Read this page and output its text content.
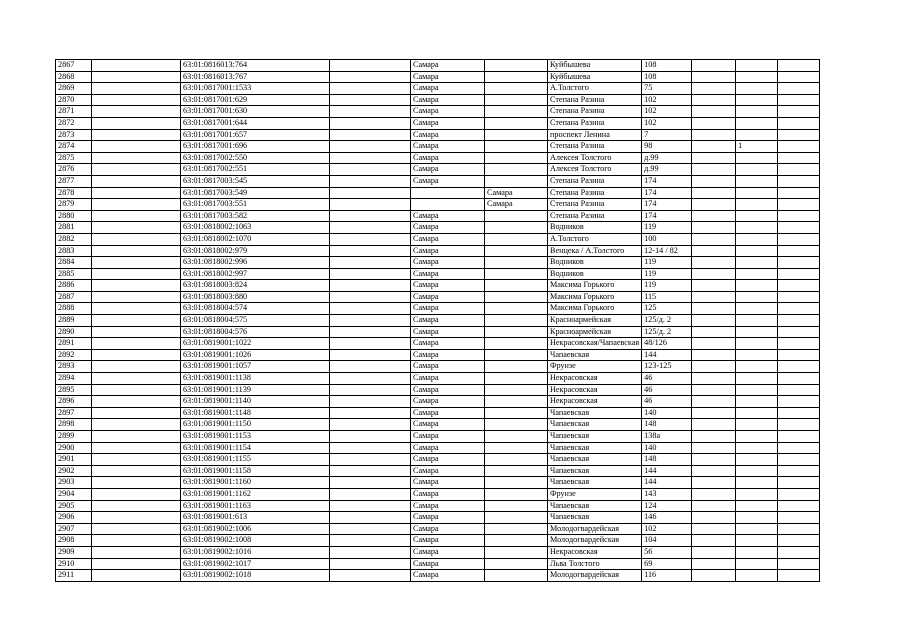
2867		63:01:0816013:764		Самара		Куйбышева	108			
2868		63:01:0816013:767		Самара		Куйбышева	108			
2869		63:01:0817001:1533		Самара		А.Толстого	75			
2870		63:01:0817001:629		Самара		Степана Разина	102			
2871		63:01:0817001:630		Самара		Степана Разина	102			
2872		63:01:0817001:644		Самара		Степана Разина	102			
2873		63:01:0817001:657		Самара		проспект Ленина	7			
2874		63:01:0817001:696		Самара		Степана Разина	98		1	
2875		63:01:0817002:550		Самара		Алексея Толстого	д.99			
2876		63:01:0817002:551		Самара		Алексея Толстого	д.99			
2877		63:01:0817003:545		Самара		Степана Разина	174			
2878		63:01:0817003:549			Самара	Степана Разина	174			
2879		63:01:0817003:551			Самара	Степана Разина	174			
2880		63:01:0817003:582		Самара		Степана Разина	174			
2881		63:01:0818002:1063		Самара		Водников	119			
2882		63:01:0818002:1070		Самара		А.Толстого	100			
2883		63:01:0818002:979		Самара		Венцека / А.Толстого	12-14 / 82			
2884		63:01:0818002:996		Самара		Водников	119			
2885		63:01:0818002:997		Самара		Водников	119			
2886		63:01:0818003:824		Самара		Максима Горького	119			
2887		63:01:0818003:880		Самара		Максима Горького	115			
2888		63:01:0818004:574		Самара		Максима Горького	125			
2889		63:01:0818004:575		Самара		Красноармейская	125/д. 2			
2890		63:01:0818004:576		Самара		Красноармейская	125/д. 2			
2891		63:01:0819001:1022		Самара		Некрасовская/Чапаевская	48/126			
2892		63:01:0819001:1026		Самара		Чапаевская	144			
2893		63:01:0819001:1057		Самара		Фрунзе	123-125			
2894		63:01:0819001:1138		Самара		Некрасовская	46			
2895		63:01:0819001:1139		Самара		Некрасовская	46			
2896		63:01:0819001:1140		Самара		Некрасовская	46			
2897		63:01:0819001:1148		Самара		Чапаевская	140			
2898		63:01:0819001:1150		Самара		Чапаевская	148			
2899		63:01:0819001:1153		Самара		Чапаевская	138а			
2900		63:01:0819001:1154		Самара		Чапаевская	140			
2901		63:01:0819001:1155		Самара		Чапаевская	148			
2902		63:01:0819001:1158		Самара		Чапаевская	144			
2903		63:01:0819001:1160		Самара		Чапаевская	144			
2904		63:01:0819001:1162		Самара		Фрунзе	143			
2905		63:01:0819001:1163		Самара		Чапаевская	124			
2906		63:01:0819001:613		Самара		Чапаевская	146			
2907		63:01:0819002:1006		Самара		Молодогвардейская	102			
2908		63:01:0819002:1008		Самара		Молодогвардейская	104			
2909		63:01:0819002:1016		Самара		Некрасовская	56			
2910		63:01:0819002:1017		Самара		Льва Толстого	69			
2911		63:01:0819002:1018		Самара		Молодогвардейская	116			
